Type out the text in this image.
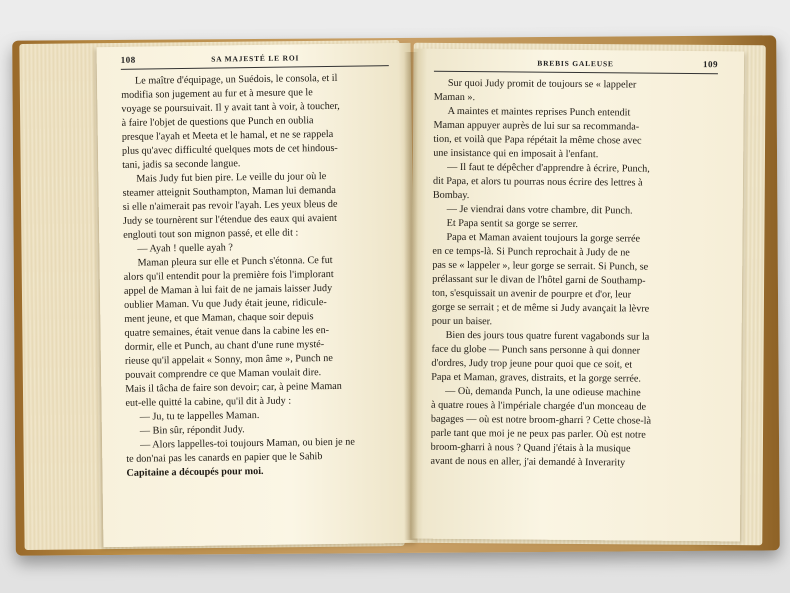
108	SA MAJESTÉ LE ROI

Le maître d'équipage, un Suédois, le consola, et il

modifia son jugement au fur et à mesure que le

voyage se poursuivait. Il y avait tant à voir, à toucher,

à faire l'objet de questions que Punch en oublia

presque l'ayah et Meeta et le hamal, et ne se rappela

plus qu'avec difficulté quelques mots de cet hindous-

tani, jadis sa seconde langue.

Mais Judy fut bien pire. Le veille du jour où le

steamer atteignit Southampton, Maman lui demanda

si elle n'aimerait pas revoir l'ayah. Les yeux bleus de

Judy se tournèrent sur l'étendue des eaux qui avaient

englouti tout son mignon passé, et elle dit :

— Ayah ! quelle ayah ?

Maman pleura sur elle et Punch s'étonna. Ce fut

alors qu'il entendit pour la première fois l'implorant

appel de Maman à lui fait de ne jamais laisser Judy

oublier Maman. Vu que Judy était jeune, ridicule-

ment jeune, et que Maman, chaque soir depuis

quatre semaines, était venue dans la cabine les en-

dormir, elle et Punch, au chant d'une rune mysté-

rieuse qu'il appelait « Sonny, mon âme », Punch ne

pouvait comprendre ce que Maman voulait dire.

Mais il tâcha de faire son devoir; car, à peine Maman

eut-elle quitté la cabine, qu'il dit à Judy :

— Ju, tu te lappelles Maman.

— Bin sûr, répondit Judy.

— Alors lappelles-toi toujours Maman, ou bien je ne

te don'nai pas les canards en papier que le Sahib

Capitaine a découpés pour moi.

BREBIS GALEUSE	109

Sur quoi Judy promit de toujours se « lappeler

Maman ».

A maintes et maintes reprises Punch entendit

Maman appuyer auprès de lui sur sa recommanda-

tion, et voilà que Papa répétait la même chose avec

une insistance qui en imposait à l'enfant.

— Il faut te dépêcher d'apprendre à écrire, Punch,

dit Papa, et alors tu pourras nous écrire des lettres à

Bombay.

— Je viendrai dans votre chambre, dit Punch.

Et Papa sentit sa gorge se serrer.

Papa et Maman avaient toujours la gorge serrée

en ce temps-là. Si Punch reprochait à Judy de ne

pas se « lappeler », leur gorge se serrait. Si Punch, se

prélassant sur le divan de l'hôtel garni de Southamp-

ton, s'esquissait un avenir de pourpre et d'or, leur

gorge se serrait ; et de même si Judy avançait la lèvre

pour un baiser.

Bien des jours tous quatre furent vagabonds sur la

face du globe — Punch sans personne à qui donner

d'ordres, Judy trop jeune pour quoi que ce soit, et

Papa et Maman, graves, distraits, et la gorge serrée.

— Où, demanda Punch, la une odieuse machine

à quatre roues à l'impériale chargée d'un monceau de

bagages — où est notre broom-gharri ? Cette chose-là

parle tant que moi je ne peux pas parler. Où est notre

broom-gharri à nous ? Quand j'étais à la musique

avant de nous en aller, j'ai demandé à Inverarity
